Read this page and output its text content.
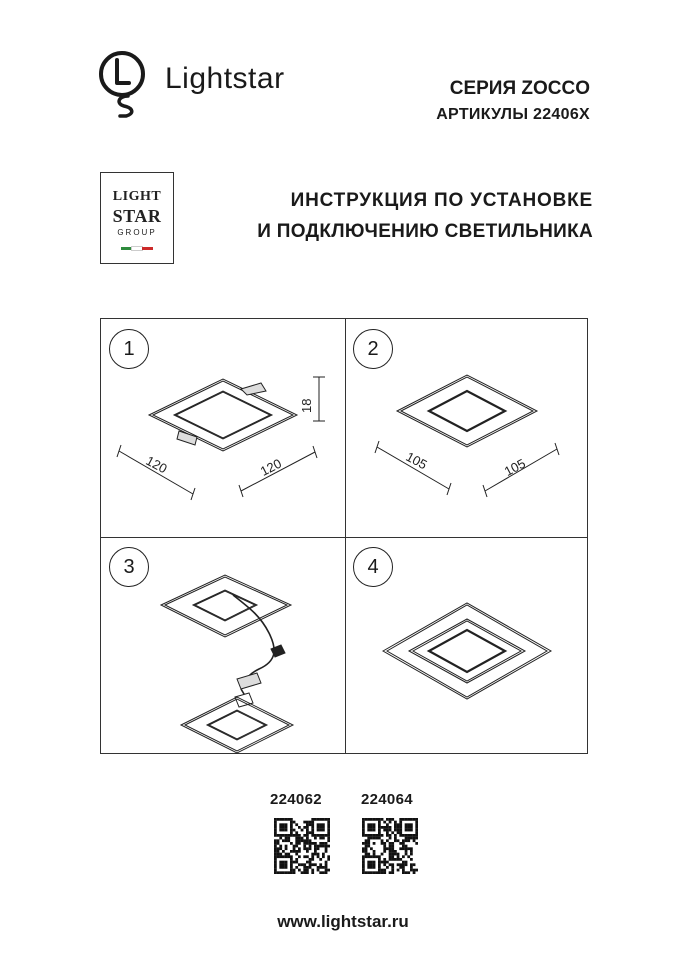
Lightstar	СЕРИЯ ZOCCO
АРТИКУЛЫ 22406X
LIGHT
STAR
GROUP
ИНСТРУКЦИЯ ПО УСТАНОВКЕ
И ПОДКЛЮЧЕНИЮ СВЕТИЛЬНИКА
120	120
18
1
105	105
2
3	4
224062	224064
www.lightstar.ru
